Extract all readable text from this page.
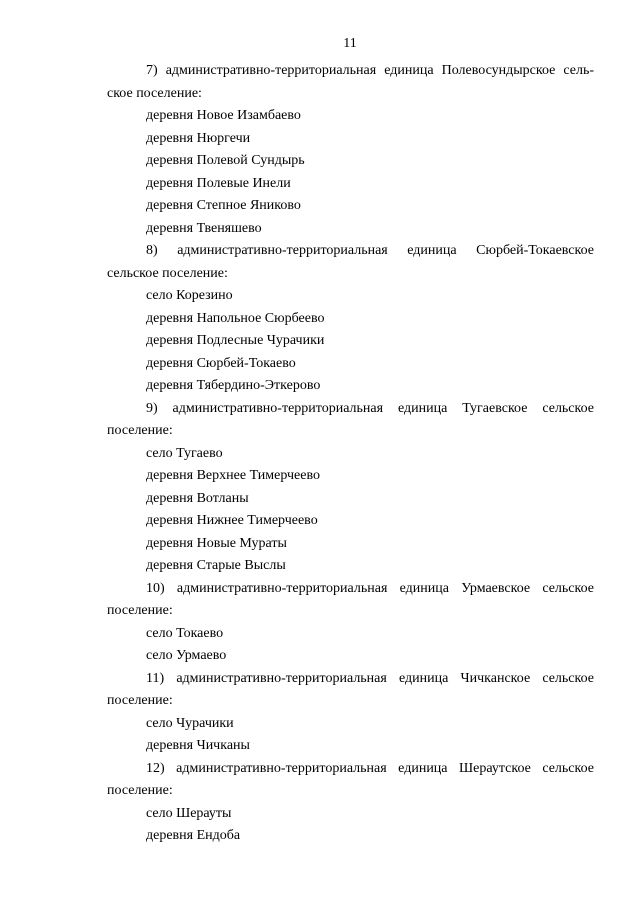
11
7) административно-территориальная единица Полевосундырское сель-
ское поселение:
деревня Новое Изамбаево
деревня Нюргечи
деревня Полевой Сундырь
деревня Полевые Инели
деревня Степное Яниково
деревня Твеняшево
8) административно-территориальная единица Сюрбей-Токаевское
сельское поселение:
село Корезино
деревня Напольное Сюрбеево
деревня Подлесные Чурачики
деревня Сюрбей-Токаево
деревня Тябердино-Эткерово
9) административно-территориальная единица Тугаевское сельское
поселение:
село Тугаево
деревня Верхнее Тимерчеево
деревня Вотланы
деревня Нижнее Тимерчеево
деревня Новые Мураты
деревня Старые Выслы
10) административно-территориальная единица Урмаевское сельское
поселение:
село Токаево
село Урмаево
11) административно-территориальная единица Чичканское сельское
поселение:
село Чурачики
деревня Чичканы
12) административно-территориальная единица Шераутское сельское
поселение:
село Шерауты
деревня Ендоба
